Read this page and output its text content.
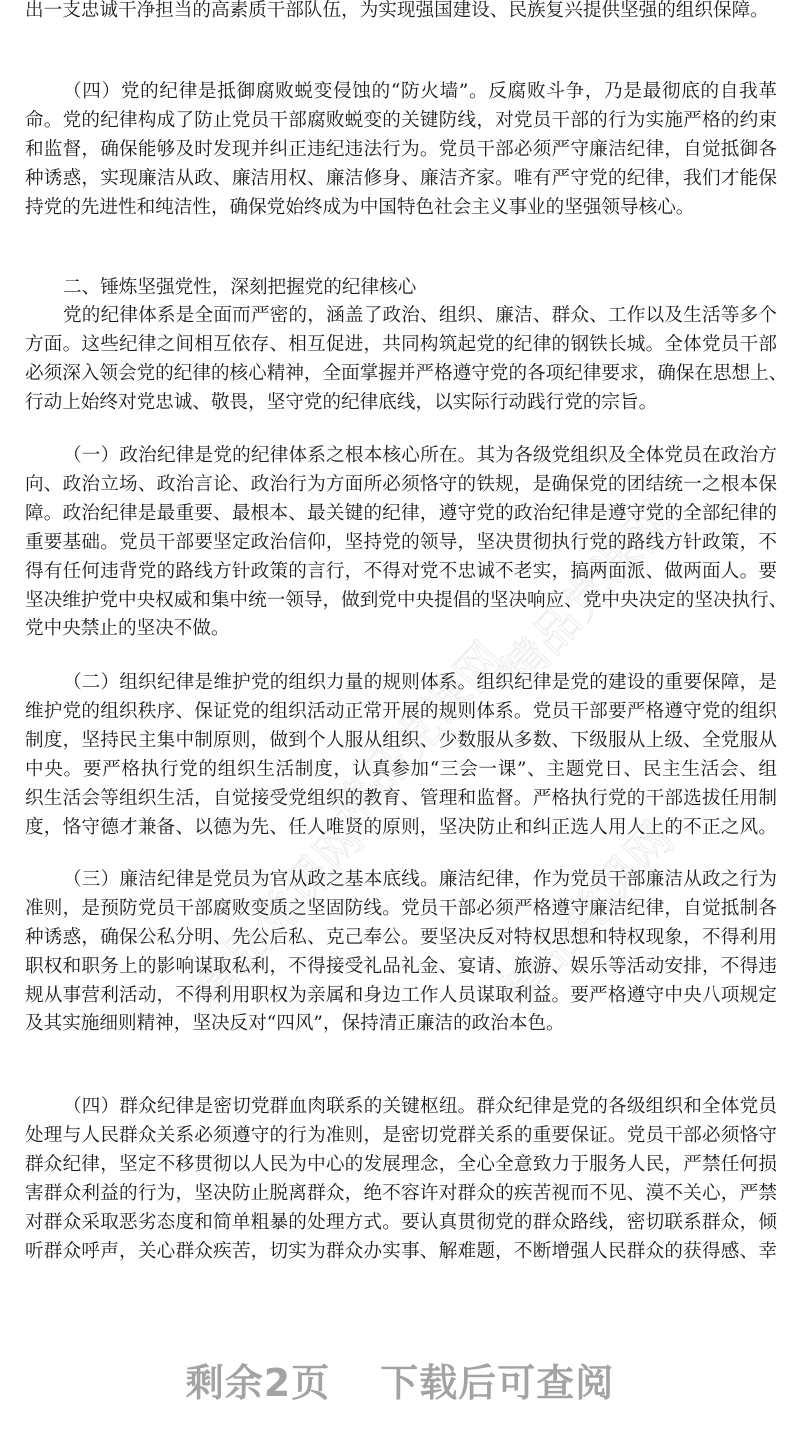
精品党课网
精品党课网
精品党课网	精品党课网
出一支忠诚干净担当的高素质干部队伍，为实现强国建设、民族复兴提供坚强的组织保障。
（四）党的纪律是抵御腐败蜕变侵蚀的“防火墙”。反腐败斗争，乃是最彻底的自我革
命。党的纪律构成了防止党员干部腐败蜕变的关键防线，对党员干部的行为实施严格的约束
和监督，确保能够及时发现并纠正违纪违法行为。党员干部必须严守廉洁纪律，自觉抵御各
种诱惑，实现廉洁从政、廉洁用权、廉洁修身、廉洁齐家。唯有严守党的纪律，我们才能保
持党的先进性和纯洁性，确保党始终成为中国特色社会主义事业的坚强领导核心。
二、锤炼坚强党性，深刻把握党的纪律核心
党的纪律体系是全面而严密的，涵盖了政治、组织、廉洁、群众、工作以及生活等多个
方面。这些纪律之间相互依存、相互促进，共同构筑起党的纪律的钢铁长城。全体党员干部
必须深入领会党的纪律的核心精神，全面掌握并严格遵守党的各项纪律要求，确保在思想上、
行动上始终对党忠诚、敬畏，坚守党的纪律底线，以实际行动践行党的宗旨。
（一）政治纪律是党的纪律体系之根本核心所在。其为各级党组织及全体党员在政治方
向、政治立场、政治言论、政治行为方面所必须恪守的铁规，是确保党的团结统一之根本保
障。政治纪律是最重要、最根本、最关键的纪律，遵守党的政治纪律是遵守党的全部纪律的
重要基础。党员干部要坚定政治信仰，坚持党的领导，坚决贯彻执行党的路线方针政策，不
得有任何违背党的路线方针政策的言行，不得对党不忠诚不老实，搞两面派、做两面人。要
坚决维护党中央权威和集中统一领导，做到党中央提倡的坚决响应、党中央决定的坚决执行、
党中央禁止的坚决不做。
（二）组织纪律是维护党的组织力量的规则体系。组织纪律是党的建设的重要保障，是
维护党的组织秩序、保证党的组织活动正常开展的规则体系。党员干部要严格遵守党的组织
制度，坚持民主集中制原则，做到个人服从组织、少数服从多数、下级服从上级、全党服从
中央。要严格执行党的组织生活制度，认真参加“三会一课”、主题党日、民主生活会、组
织生活会等组织生活，自觉接受党组织的教育、管理和监督。严格执行党的干部选拔任用制
度，恪守德才兼备、以德为先、任人唯贤的原则，坚决防止和纠正选人用人上的不正之风。
（三）廉洁纪律是党员为官从政之基本底线。廉洁纪律，作为党员干部廉洁从政之行为
准则，是预防党员干部腐败变质之坚固防线。党员干部必须严格遵守廉洁纪律，自觉抵制各
种诱惑，确保公私分明、先公后私、克己奉公。要坚决反对特权思想和特权现象，不得利用
职权和职务上的影响谋取私利，不得接受礼品礼金、宴请、旅游、娱乐等活动安排，不得违
规从事营利活动，不得利用职权为亲属和身边工作人员谋取利益。要严格遵守中央八项规定
及其实施细则精神，坚决反对“四风”，保持清正廉洁的政治本色。
（四）群众纪律是密切党群血肉联系的关键枢纽。群众纪律是党的各级组织和全体党员
处理与人民群众关系必须遵守的行为准则，是密切党群关系的重要保证。党员干部必须恪守
群众纪律，坚定不移贯彻以人民为中心的发展理念，全心全意致力于服务人民，严禁任何损
害群众利益的行为，坚决防止脱离群众，绝不容许对群众的疾苦视而不见、漠不关心，严禁
对群众采取恶劣态度和简单粗暴的处理方式。要认真贯彻党的群众路线，密切联系群众，倾
听群众呼声，关心群众疾苦，切实为群众办实事、解难题，不断增强人民群众的获得感、幸
剩余2页 下载后可查阅
